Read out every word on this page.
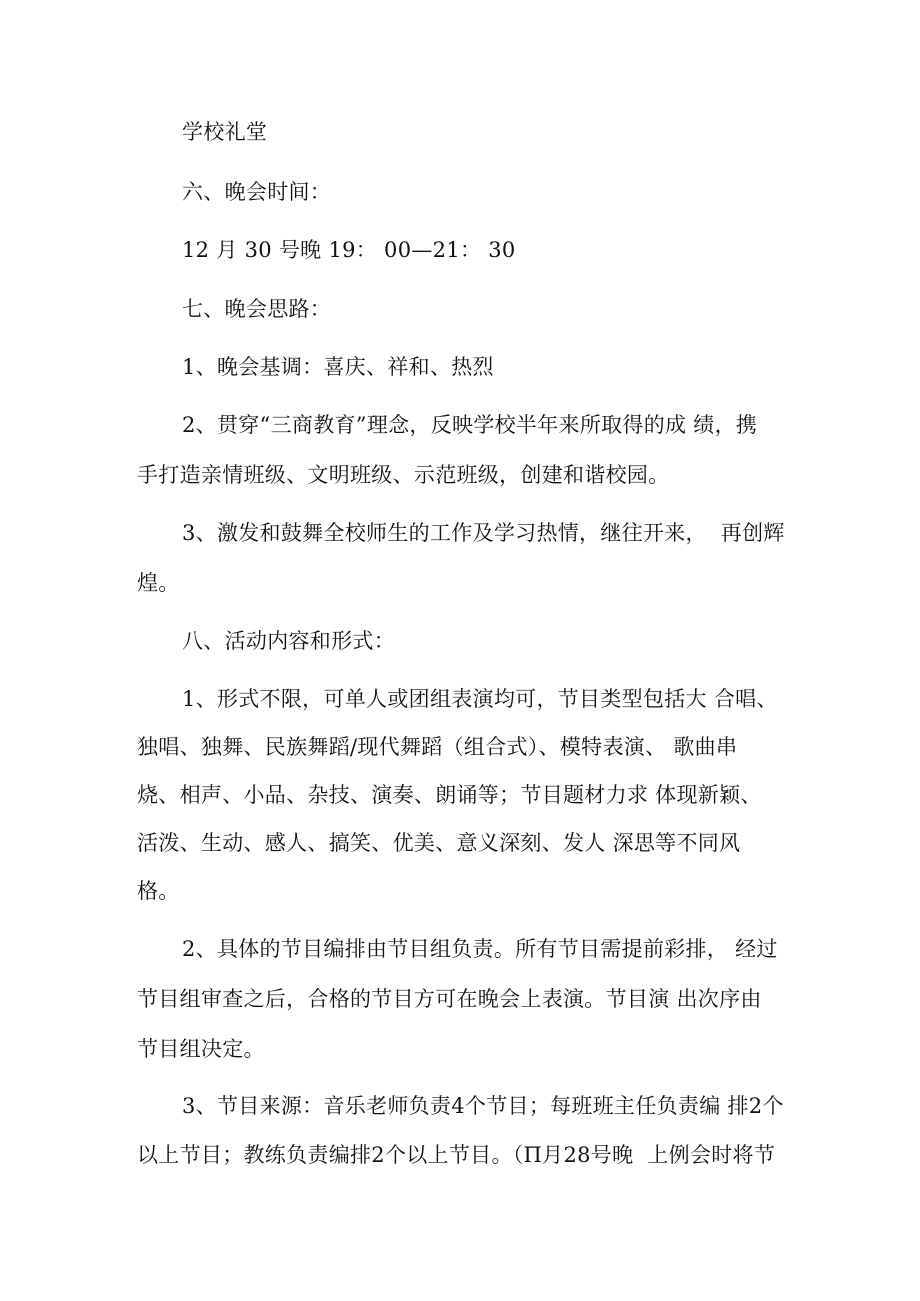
学校礼堂
六、晚会时间：
12 月 30 号晚 19： 00—21： 30
七、晚会思路：
1、晚会基调：喜庆、祥和、热烈
2、贯穿“三商教育”理念，反映学校半年来所取得的成 绩，携
手打造亲情班级、文明班级、示范班级，创建和谐校园。
3、激发和鼓舞全校师生的工作及学习热情，继往开来，  再创辉
煌。
八、活动内容和形式：
1、形式不限，可单人或团组表演均可，节目类型包括大 合唱、
独唱、独舞、民族舞蹈/现代舞蹈（组合式）、模特表演、 歌曲串
烧、相声、小品、杂技、演奏、朗诵等；节目题材力求 体现新颖、
活泼、生动、感人、搞笑、优美、意义深刻、发人 深思等不同风
格。
2、具体的节目编排由节目组负责。所有节目需提前彩排， 经过
节目组审查之后，合格的节目方可在晚会上表演。节目演 出次序由
节目组决定。
3、节目来源：音乐老师负责4个节目；每班班主任负责编 排2个
以上节目；教练负责编排2个以上节目。（П月28号晚  上例会时将节
